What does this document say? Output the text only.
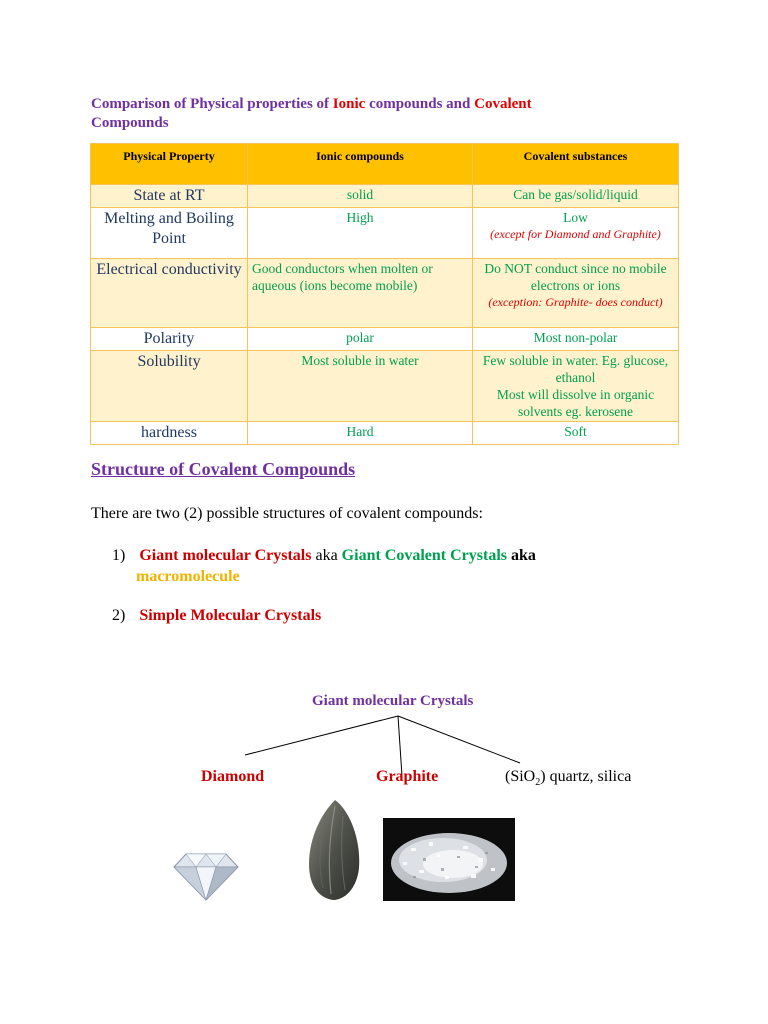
Comparison of Physical properties of Ionic compounds and Covalent
Compounds
Physical Property	Ionic compounds	Covalent substances
State at RT	solid	Can be gas/solid/liquid
Melting and Boiling Point	High	Low
(except for Diamond and Graphite)

Electrical conductivity	Good conductors when molten or aqueous (ions become mobile)	Do NOT conduct since no mobile electrons or ions
(exception: Graphite- does conduct)

Polarity	polar	Most non-polar
Solubility	Most soluble in water	Few soluble in water. Eg. glucose, ethanol
Most will dissolve in organic solvents eg. kerosene
hardness	Hard	Soft
Structure of Covalent Compounds
There are two (2) possible structures of covalent compounds:
1) Giant molecular Crystals aka Giant Covalent Crystals aka
macromolecule
2) Simple Molecular Crystals
Giant molecular Crystals
Diamond	Graphite	(SiO$_2$) quartz, silica
